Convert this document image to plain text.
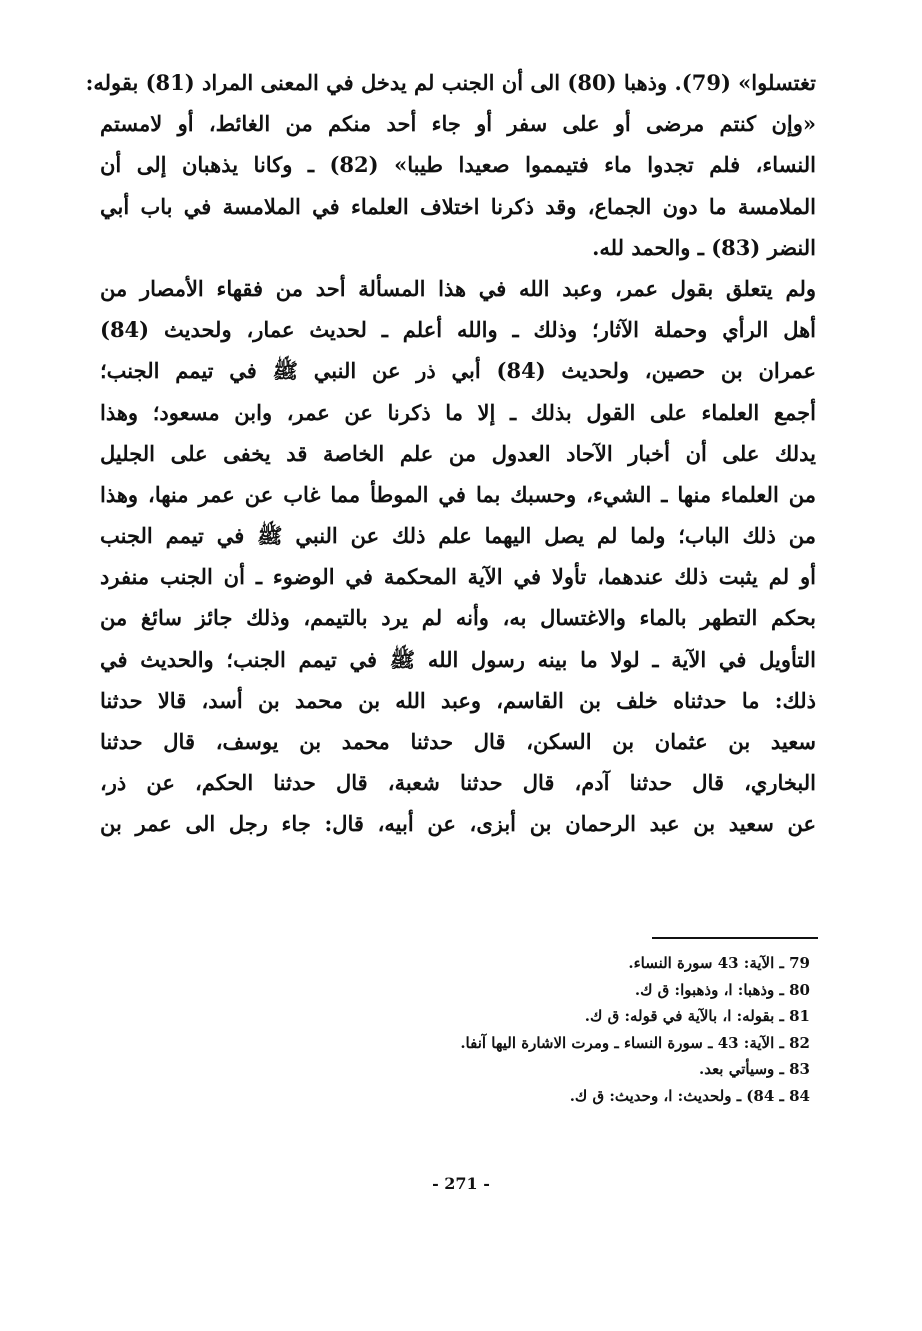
تغتسلوا» (79). وذهبا (80) الى أن الجنب لم يدخل في المعنى المراد (81) بقوله:
«وإن كنتم مرضى أو على سفر أو جاء أحد منكم من الغائط، أو لامستم
النساء، فلم تجدوا ماء فتيمموا صعيدا طيبا» (82) ـ وكانا يذهبان إلى أن
الملامسة ما دون الجماع، وقد ذكرنا اختلاف العلماء في الملامسة في باب أبي
النضر (83) ـ والحمد لله.
ولم يتعلق بقول عمر، وعبد الله في هذا المسألة أحد من فقهاء الأمصار من
أهل الرأي وحملة الآثار؛ وذلك ـ والله أعلم ـ لحديث عمار، ولحديث (84)
عمران بن حصين، ولحديث (84) أبي ذر عن النبي ﷺ في تيمم الجنب؛
أجمع العلماء على القول بذلك ـ إلا ما ذكرنا عن عمر، وابن مسعود؛ وهذا
يدلك على أن أخبار الآحاد العدول من علم الخاصة قد يخفى على الجليل
من العلماء منها ـ الشيء، وحسبك بما في الموطأ مما غاب عن عمر منها، وهذا
من ذلك الباب؛ ولما لم يصل اليهما علم ذلك عن النبي ﷺ في تيمم الجنب
أو لم يثبت ذلك عندهما، تأولا في الآية المحكمة في الوضوء ـ أن الجنب منفرد
بحكم التطهر بالماء والاغتسال به، وأنه لم يرد بالتيمم، وذلك جائز سائغ من
التأويل في الآية ـ لولا ما بينه رسول الله ﷺ في تيمم الجنب؛ والحديث في
ذلك: ما حدثناه خلف بن القاسم، وعبد الله بن محمد بن أسد، قالا حدثنا
سعيد بن عثمان بن السكن، قال حدثنا محمد بن يوسف، قال حدثنا
البخاري، قال حدثنا آدم، قال حدثنا شعبة، قال حدثنا الحكم، عن ذر،
عن سعيد بن عبد الرحمان بن أبزى، عن أبيه، قال: جاء رجل الى عمر بن
79 ـ الآية: 43 سورة النساء.
80 ـ وذهبا: ا، وذهبوا: ق ك.
81 ـ بقوله: ا، بالآية في قوله: ق ك.
82 ـ الآية: 43 ـ سورة النساء ـ ومرت الاشارة اليها آنفا.
83 ـ وسيأتي بعد.
84 ـ 84) ـ ولحديث: ا، وحديث: ق ك.
- 271 -
